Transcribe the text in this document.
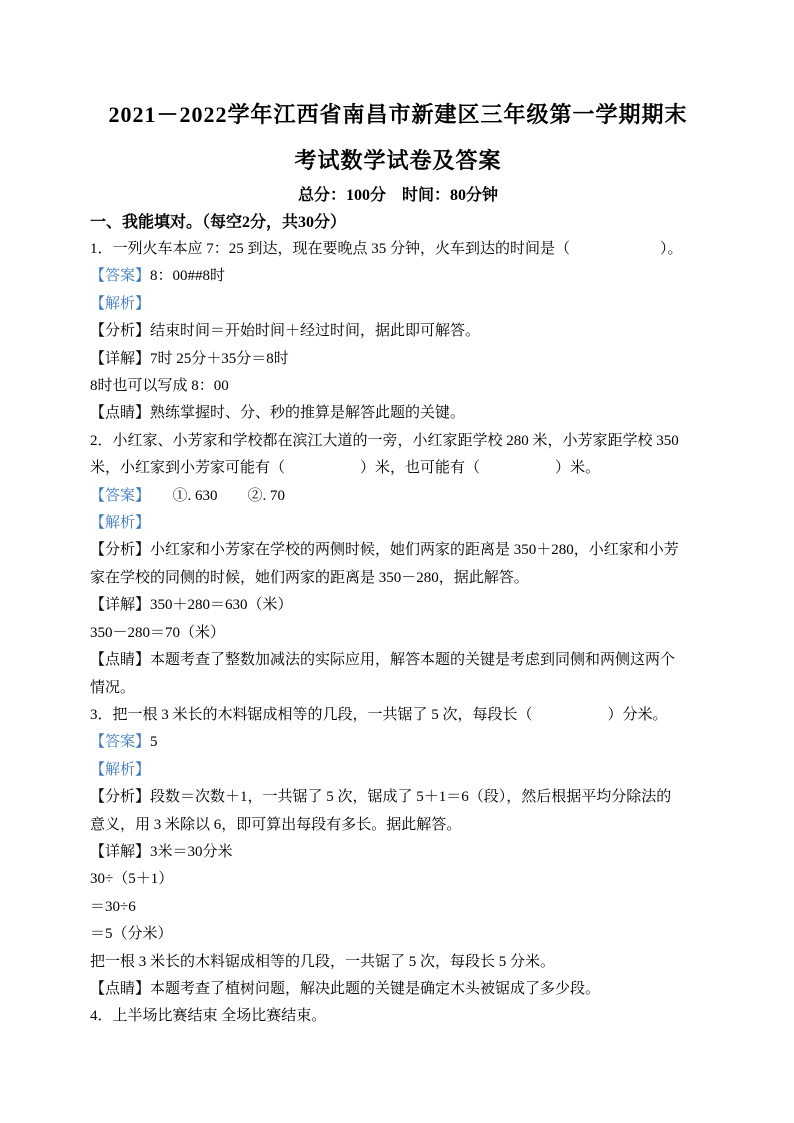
2021－2022学年江西省南昌市新建区三年级第一学期期末
考试数学试卷及答案

总分：100分　时间：80分钟

一、我能填对。（每空2分，共30分）

1．一列火车本应 7：25 到达，现在要晚点 35 分钟，火车到达的时间是（　　　　　　）。

【答案】8：00##8时

【解析】

【分析】结束时间＝开始时间＋经过时间，据此即可解答。

【详解】7时 25分＋35分＝8时

8时也可以写成 8：00

【点睛】熟练掌握时、分、秒的推算是解答此题的关键。

2．小红家、小芳家和学校都在滨江大道的一旁，小红家距学校 280 米，小芳家距学校 350

米，小红家到小芳家可能有（　　　　　）米，也可能有（　　　　　）米。

【答案】　　①. 630　　②. 70

【解析】

【分析】小红家和小芳家在学校的两侧时候，她们两家的距离是 350＋280，小红家和小芳

家在学校的同侧的时候，她们两家的距离是 350－280，据此解答。

【详解】350＋280＝630（米）

350－280＝70（米）

【点睛】本题考查了整数加减法的实际应用，解答本题的关键是考虑到同侧和两侧这两个

情况。

3．把一根 3 米长的木料锯成相等的几段，一共锯了 5 次，每段长（　　　　　）分米。

【答案】5

【解析】

【分析】段数＝次数＋1，一共锯了 5 次，锯成了 5＋1＝6（段），然后根据平均分除法的

意义，用 3 米除以 6，即可算出每段有多长。据此解答。

【详解】3米＝30分米

30÷（5＋1）

＝30÷6

＝5（分米）

把一根 3 米长的木料锯成相等的几段，一共锯了 5 次，每段长 5 分米。

【点睛】本题考查了植树问题，解决此题的关键是确定木头被锯成了多少段。

4．上半场比赛结束 全场比赛结束。
